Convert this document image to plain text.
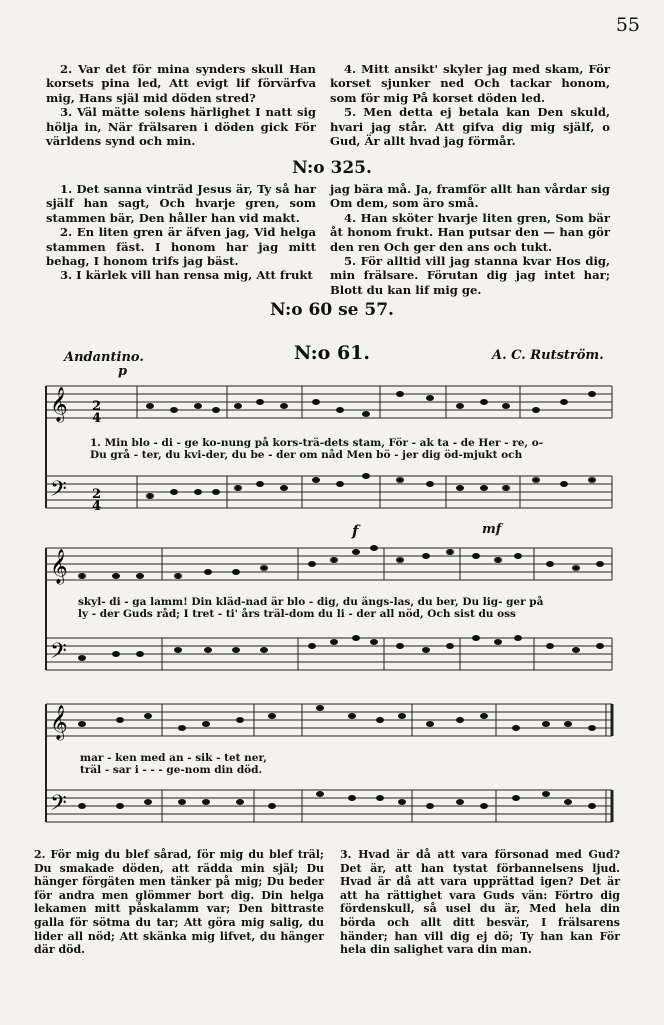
55

2. Var det för mina synders skull Han korsets pina led, Att evigt lif förvärfva mig, Hans själ mid döden stred?

3. Väl mätte solens härlighet I natt sig hölja in, När frälsaren i döden gick För världens synd och min.

4. Mitt ansikt' skyler jag med skam, För korset sjunker ned Och tackar honom, som för mig På korset döden led.

5. Men detta ej betala kan Den skuld, hvari jag står. Att gifva dig mig själf, o Gud, Är allt hvad jag förmår.

N:o 325.

1. Det sanna vinträd Jesus är, Ty så har själf han sagt, Och hvarje gren, som stammen bär, Den håller han vid makt.

2. En liten gren är äfven jag, Vid helga stammen fäst. I honom har jag mitt behag, I honom trifs jag bäst.

3. I kärlek vill han rensa mig, Att frukt

jag bära må. Ja, framför allt han vårdar sig Om dem, som äro små.

4. Han sköter hvarje liten gren, Som bär åt honom frukt. Han putsar den — han gör den ren Och ger den ans och tukt.

5. För alltid vill jag stanna kvar Hos dig, min frälsare. Förutan dig jag intet har; Blott du kan lif mig ge.

N:o 60 se 57.
N:o 61.
Andantino.	A. C. Rutström.
p
f	mf
𝄞
𝄢
2
4
2
4
1. Min blo - di - ge ko-nung på kors-trä-dets stam, För - ak ta - de Her - re, o-
Du grå - ter, du kvi-der, du be - der om nåd Men bö - jer dig öd-mjukt och
𝄞
𝄢
skyl- di - ga lamm! Din kläd-nad är blo - dig, du ängs-las, du ber, Du lig- ger på
ly - der Guds råd; I tret - ti' års träl-dom du li - der all nöd, Och sist du oss
𝄞
𝄢
mar - ken med an - sik - tet ner,
träl - sar i - - - ge-nom din död.

2. För mig du blef sårad, för mig du blef träl; Du smakade döden, att rädda min själ; Du hänger förgäten men tänker på mig; Du beder för andra men glömmer bort dig. Din helga lekamen mitt påskalamm var; Den bittraste galla för sötma du tar; Att göra mig salig, du lider all nöd; Att skänka mig lifvet, du hänger där död.

3. Hvad är då att vara försonad med Gud? Det är, att han tystat förbannelsens ljud. Hvad är då att vara upprättad igen? Det är att ha rättighet vara Guds vän: Förtro dig fördenskull, så usel du är, Med hela din börda och allt ditt besvär, I frälsarens händer; han vill dig ej dö; Ty han kan För hela din salighet vara din man.
